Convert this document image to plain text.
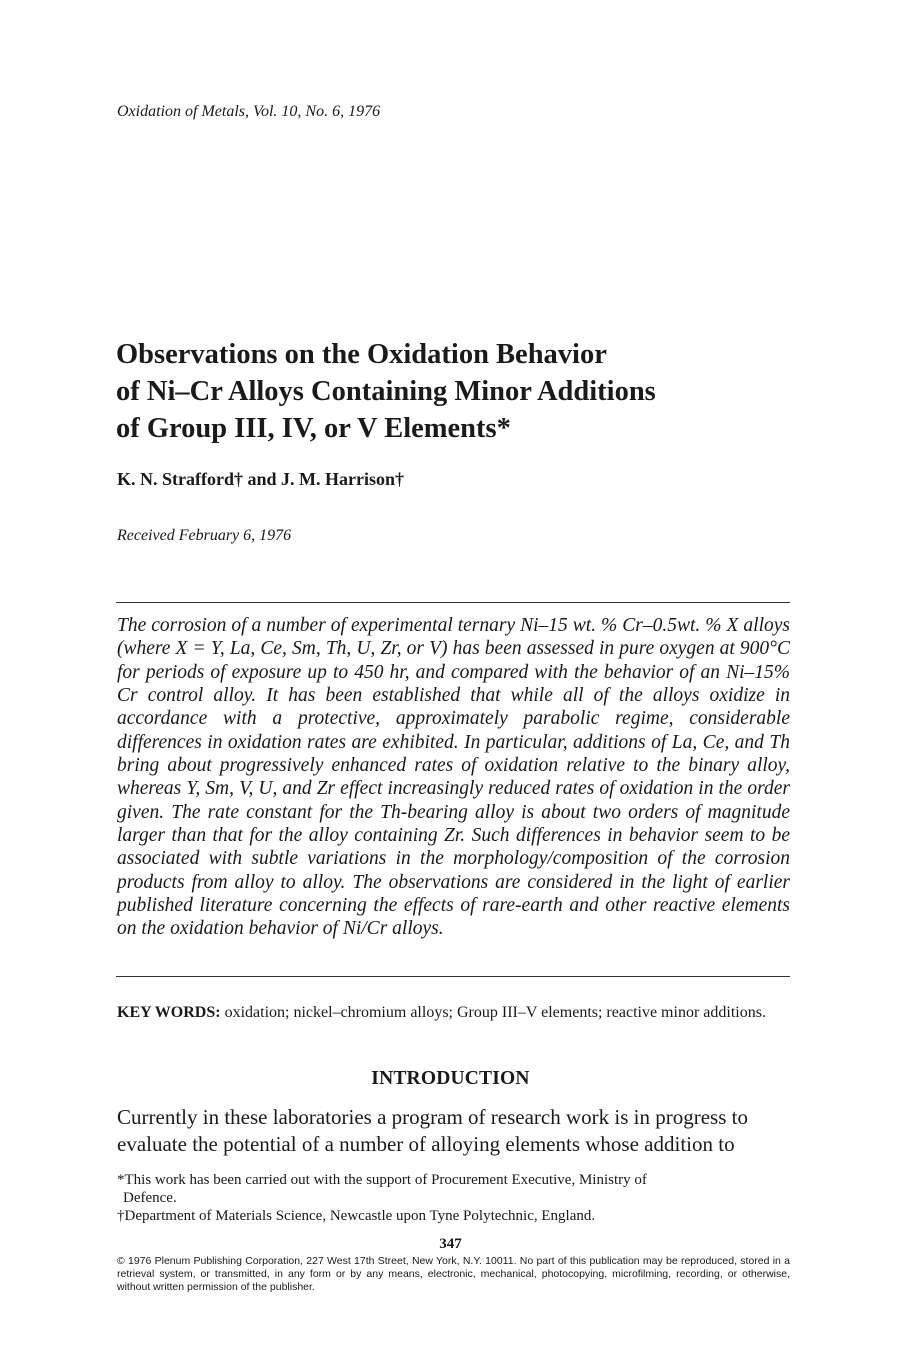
Oxidation of Metals, Vol. 10, No. 6, 1976
Observations on the Oxidation Behavior
of Ni–Cr Alloys Containing Minor Additions
of Group III, IV, or V Elements*
K. N. Strafford† and J. M. Harrison†
Received February 6, 1976

The corrosion of a number of experimental ternary Ni–15 wt. % Cr–0.5wt. % X alloys (where X = Y, La, Ce, Sm, Th, U, Zr, or V) has been assessed in pure oxygen at 900°C for periods of exposure up to 450 hr, and compared with the behavior of an Ni–15% Cr control alloy. It has been established that while all of the alloys oxidize in accordance with a protective, approximately parabolic regime, considerable differences in oxidation rates are exhibited. In particular, additions of La, Ce, and Th bring about progressively enhanced rates of oxidation relative to the binary alloy, whereas Y, Sm, V, U, and Zr effect increasingly reduced rates of oxidation in the order given. The rate constant for the Th-bearing alloy is about two orders of magnitude larger than that for the alloy containing Zr. Such differences in behavior seem to be associated with subtle variations in the morphology/composition of the corrosion products from alloy to alloy. The observations are considered in the light of earlier published literature concerning the effects of rare-earth and other reactive elements on the oxidation behavior of Ni/Cr alloys.

KEY WORDS: oxidation; nickel–chromium alloys; Group III–V elements; reactive minor additions.

INTRODUCTION

Currently in these laboratories a program of research work is in progress to
evaluate the potential of a number of alloying elements whose addition to

*This work has been carried out with the support of Procurement Executive, Ministry of
Defence.

†Department of Materials Science, Newcastle upon Tyne Polytechnic, England.

347

© 1976 Plenum Publishing Corporation, 227 West 17th Street, New York, N.Y. 10011. No part of this publication may be reproduced, stored in a retrieval system, or transmitted, in any form or by any means, electronic, mechanical, photocopying, microfilming, recording, or otherwise, without written permission of the publisher.
